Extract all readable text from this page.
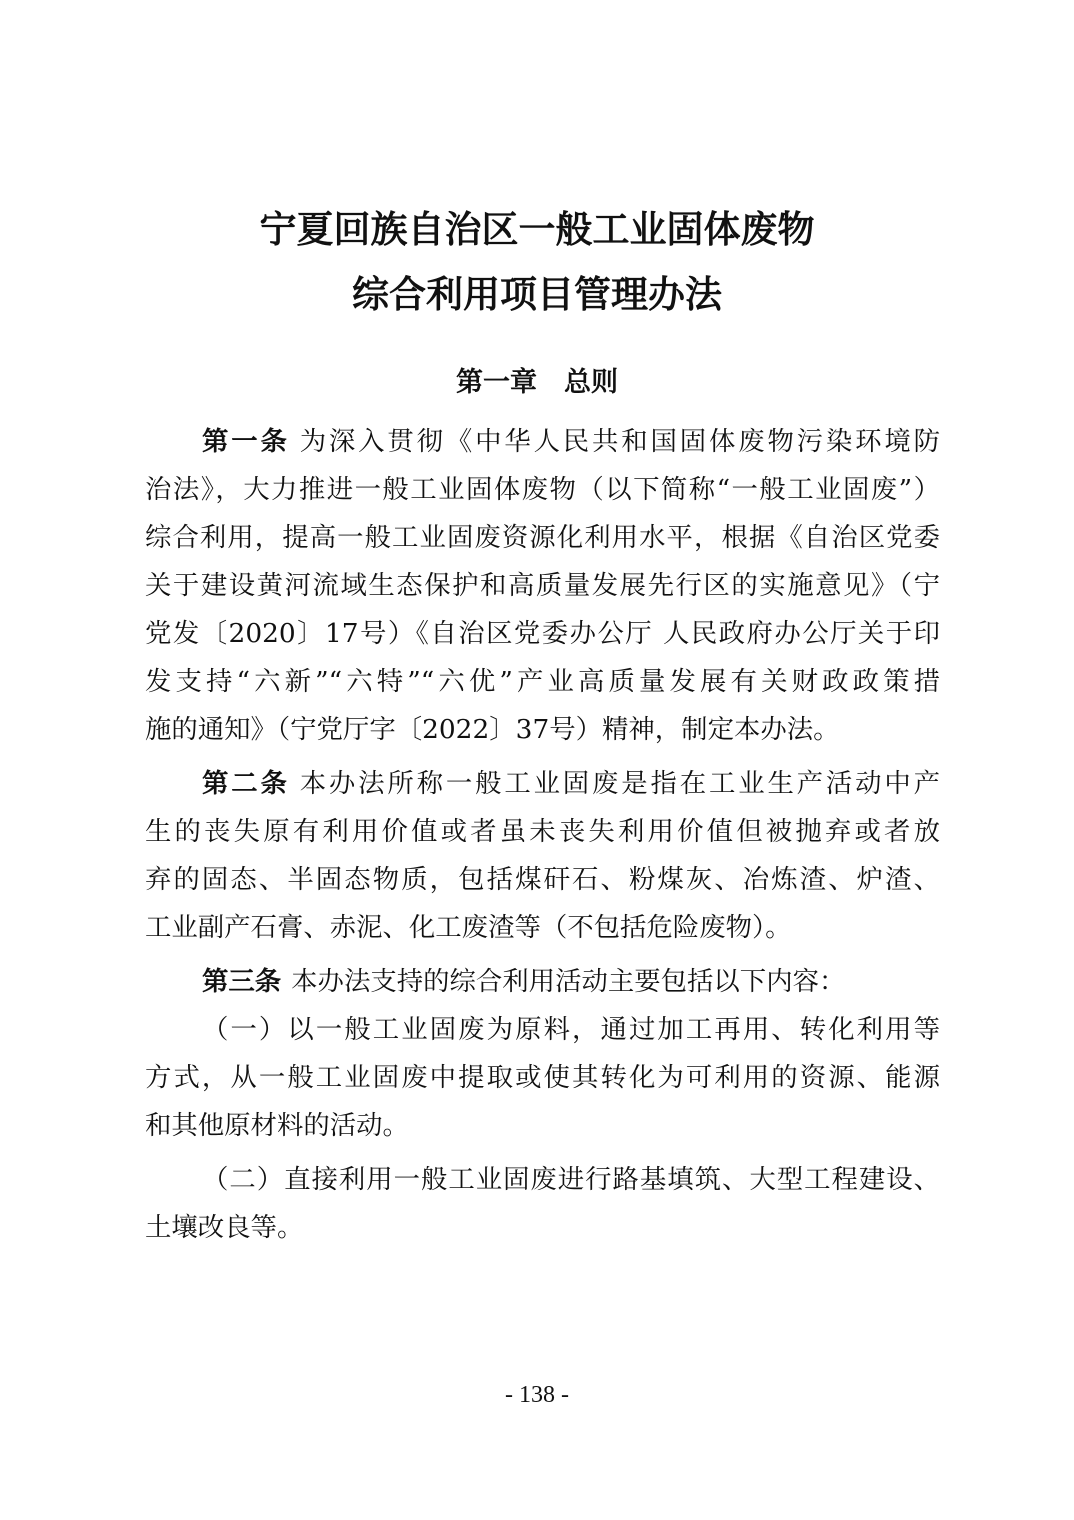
宁夏回族自治区一般工业固体废物
综合利用项目管理办法
第一章　总则
第一条 为深入贯彻《中华人民共和国固体废物污染环境防
治法》，大力推进一般工业固体废物（以下简称“一般工业固废”）
综合利用，提高一般工业固废资源化利用水平，根据《自治区党委
关于建设黄河流域生态保护和高质量发展先行区的实施意见》（宁
党发〔2020〕17号）《自治区党委办公厅 人民政府办公厅关于印
发支持“六新”“六特”“六优”产业高质量发展有关财政政策措
施的通知》（宁党厅字〔2022〕37号）精神，制定本办法。
第二条 本办法所称一般工业固废是指在工业生产活动中产
生的丧失原有利用价值或者虽未丧失利用价值但被抛弃或者放
弃的固态、半固态物质，包括煤矸石、粉煤灰、冶炼渣、炉渣、
工业副产石膏、赤泥、化工废渣等（不包括危险废物）。
第三条 本办法支持的综合利用活动主要包括以下内容：
（一）以一般工业固废为原料，通过加工再用、转化利用等
方式，从一般工业固废中提取或使其转化为可利用的资源、能源
和其他原材料的活动。
（二）直接利用一般工业固废进行路基填筑、大型工程建设、
土壤改良等。
- 138 -
